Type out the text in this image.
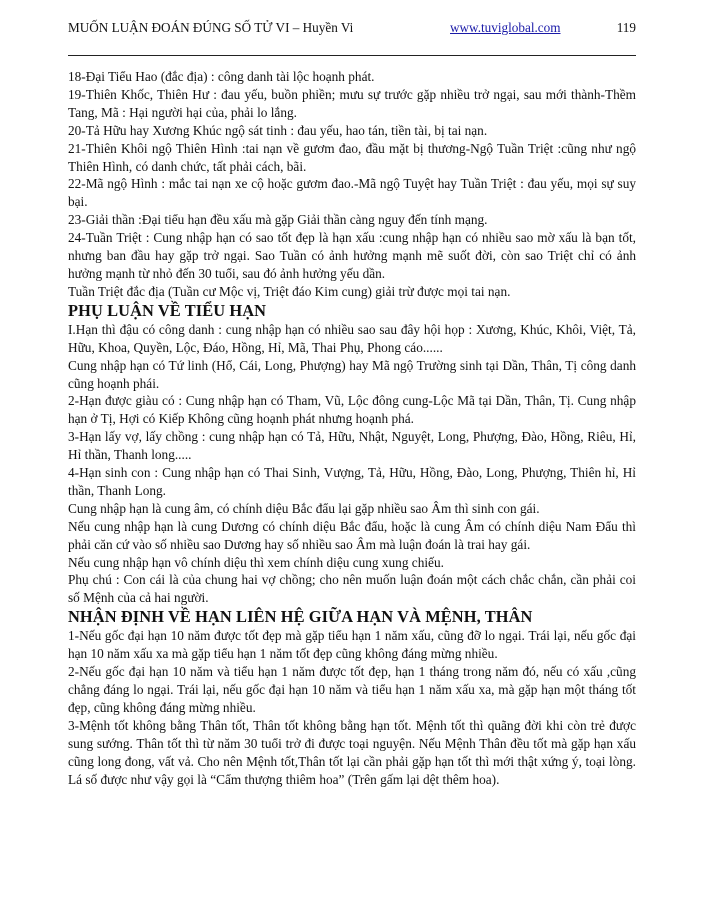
MUỐN LUẬN ĐOÁN ĐÚNG SỐ TỬ VI – Huyền Vi	www.tuviglobal.com	119

18-Đại Tiểu Hao (đắc địa) : công danh tài lộc hoạnh phát.

19-Thiên Khốc, Thiên Hư : đau yếu, buồn phiền; mưu sự trước gặp nhiều trở ngại, sau mới thành-Thềm Tang, Mã : Hại người hại của, phải lo lắng.

20-Tả Hữu hay Xương Khúc ngộ sát tinh : đau yếu, hao tán, tiền tài, bị tai nạn.

21-Thiên Khôi ngộ Thiên Hình :tai nạn về gươm đao, đầu mặt bị thương-Ngộ Tuần Triệt :cũng như ngộ Thiên Hình, có danh chức, tất phải cách, bãi.

22-Mã ngộ Hình : mắc tai nạn xe cộ hoặc gươm đao.-Mã ngộ Tuyệt hay Tuần Triệt : đau yếu, mọi sự suy bại.

23-Giải thần :Đại tiểu hạn đều xấu mà gặp Giải thần càng nguy đến tính mạng.

24-Tuần Triệt : Cung nhập hạn có sao tốt đẹp là hạn xấu :cung nhập hạn có nhiều sao mờ xấu là bạn tốt, nhưng ban đầu hay gặp trở ngại. Sao Tuần có ảnh hưởng mạnh mẽ suốt đời, còn sao Triệt chỉ có ảnh hưởng mạnh từ nhỏ đến 30 tuổi, sau đó ảnh hưởng yếu dần.

Tuần Triệt đắc địa (Tuần cư Mộc vị, Triệt đáo Kim cung) giải trừ được mọi tai nạn.

PHỤ LUẬN VỀ TIỂU HẠN

I.Hạn thì đậu có công danh : cung nhập hạn có nhiều sao sau đây hội họp : Xương, Khúc, Khôi, Việt, Tả, Hữu, Khoa, Quyền, Lộc, Đáo, Hồng, Hỉ, Mã, Thai Phụ, Phong cáo......

Cung nhập hạn có Tứ linh (Hổ, Cái, Long, Phượng) hay Mã ngộ Trường sinh tại Dần, Thân, Tị công danh cũng hoạnh phái.

2-Hạn được giàu có : Cung nhập hạn có Tham, Vũ, Lộc đông cung-Lộc Mã tại Dần, Thân, Tị. Cung nhập hạn ở Tị, Hợi có Kiếp Không cũng hoạnh phát nhưng hoạnh phá.

3-Hạn lấy vợ, lấy chồng : cung nhập hạn có Tả, Hữu, Nhật, Nguyệt, Long, Phượng, Đào, Hồng, Riêu, Hỉ, Hỉ thần, Thanh long.....

4-Hạn sinh con : Cung nhập hạn có Thai Sinh, Vượng, Tả, Hữu, Hồng, Đào, Long, Phượng, Thiên hỉ, Hỉ thần, Thanh Long.

Cung nhập hạn là cung âm, có chính diệu Bắc đẩu lại gặp nhiều sao Âm thì sinh con gái.

Nếu cung nhập hạn là cung Dương có chính diệu Bắc đẩu, hoặc là cung Âm có chính diệu Nam Đẩu thì phải căn cứ vào số nhiều sao Dương hay số nhiều sao Âm mà luận đoán là trai hay gái.

Nếu cung nhập hạn vô chính diệu thì xem chính diệu cung xung chiếu.

Phụ chú : Con cái là của chung hai vợ chồng; cho nên muốn luận đoán một cách chắc chắn, cần phải coi số Mệnh của cả hai người.

NHẬN ĐỊNH VỀ HẠN LIÊN HỆ GIỮA HẠN VÀ MỆNH, THÂN

1-Nếu gốc đại hạn 10 năm được tốt đẹp mà gặp tiểu hạn 1 năm xấu, cũng đỡ lo ngại. Trái lại, nếu gốc đại hạn 10 năm xấu xa mà gặp tiểu hạn 1 năm tốt đẹp cũng không đáng mừng nhiều.

2-Nếu gốc đại hạn 10 năm và tiểu hạn 1 năm được tốt đẹp, hạn 1 tháng trong năm đó, nếu có xấu ,cũng chẳng đáng lo ngại. Trái lại, nếu gốc đại hạn 10 năm và tiểu hạn 1 năm xấu xa, mà gặp hạn một tháng tốt đẹp, cũng không đáng mừng nhiều.

3-Mệnh tốt không bằng Thân tốt, Thân tốt không bằng hạn tốt. Mệnh tốt thì quãng đời khi còn trẻ được sung sướng. Thân tốt thì từ năm 30 tuổi trở đi được toại nguyện. Nếu Mệnh Thân đều tốt mà gặp hạn xấu cũng long đong, vất vả. Cho nên Mệnh tốt,Thân tốt lại cần phải gặp hạn tốt thì mới thật xứng ý, toại lòng. Lá số được như vậy gọi là “Cẩm thượng thiêm hoa” (Trên gấm lại dệt thêm hoa).
